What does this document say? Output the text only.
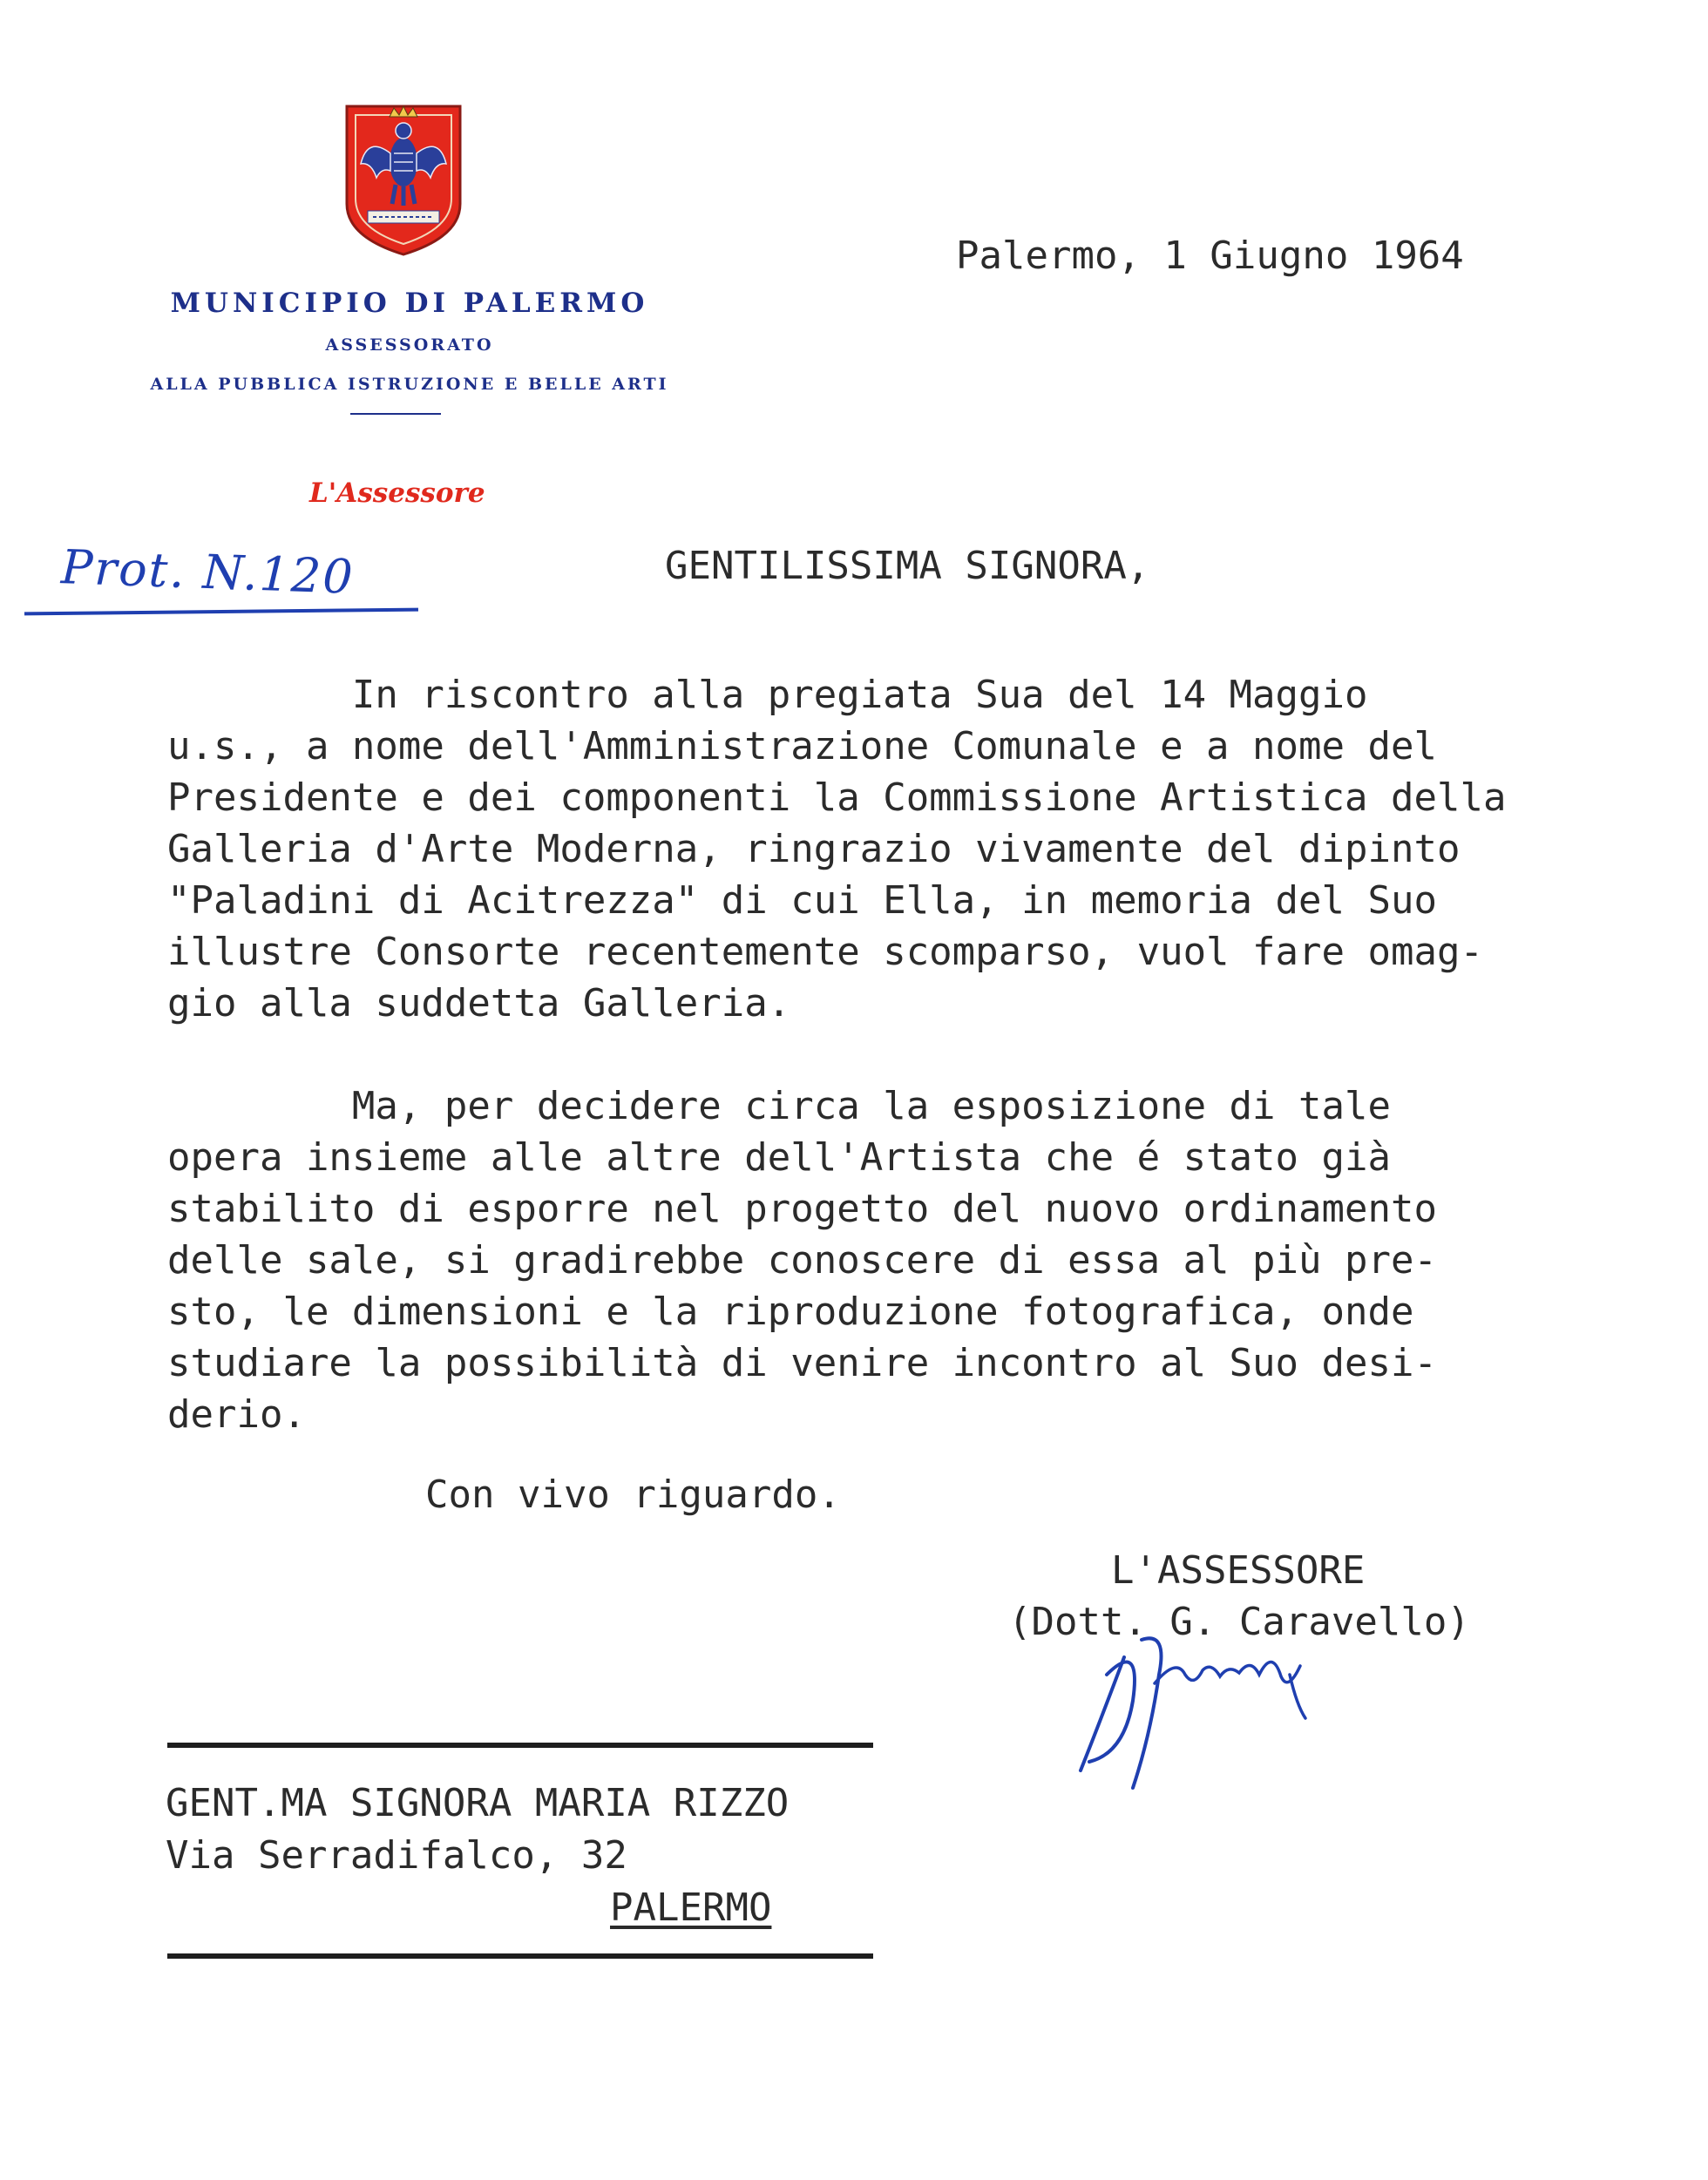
MUNICIPIO DI PALERMO
ASSESSORATO
ALLA PUBBLICA ISTRUZIONE E BELLE ARTI
L'Assessore
Prot. N.120
Palermo, 1 Giugno 1964
GENTILISSIMA SIGNORA,
In riscontro alla pregiata Sua del 14 Maggio
u.s., a nome dell'Amministrazione Comunale e a nome del
Presidente e dei componenti la Commissione Artistica della
Galleria d'Arte Moderna, ringrazio vivamente del dipinto
"Paladini di Acitrezza" di cui Ella, in memoria del Suo
illustre Consorte recentemente scomparso, vuol fare omag-
gio alla suddetta Galleria.
Ma, per decidere circa la esposizione di tale
opera insieme alle altre dell'Artista che é stato già
stabilito di esporre nel progetto del nuovo ordinamento
delle sale, si gradirebbe conoscere di essa al più pre-
sto, le dimensioni e la riproduzione fotografica, onde
studiare la possibilità di venire incontro al Suo desi-
derio.
Con vivo riguardo.
L'ASSESSORE
(Dott. G. Caravello)
GENT.MA SIGNORA MARIA RIZZO
Via Serradifalco, 32
PALERMO
